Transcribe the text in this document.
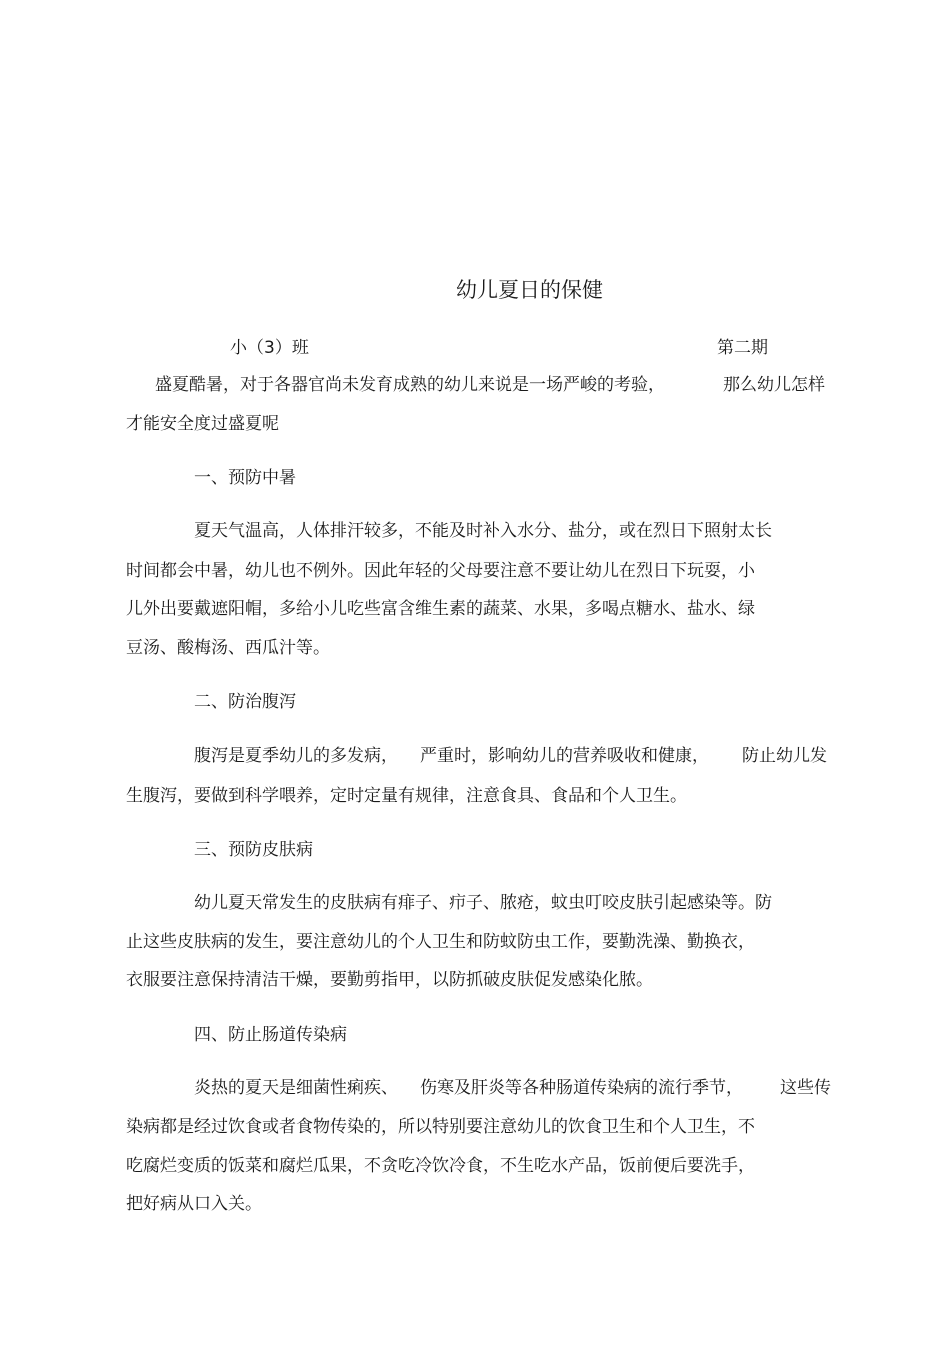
幼儿夏日的保健
小（3）班	第二期
盛夏酷暑，对于各器官尚未发育成熟的幼儿来说是一场严峻的考验，	那么幼儿怎样
才能安全度过盛夏呢
一、预防中暑
夏天气温高，人体排汗较多，不能及时补入水分、盐分，或在烈日下照射太长
时间都会中暑，幼儿也不例外。因此年轻的父母要注意不要让幼儿在烈日下玩耍，小
儿外出要戴遮阳帽，多给小儿吃些富含维生素的蔬菜、水果，多喝点糖水、盐水、绿
豆汤、酸梅汤、西瓜汁等。
二、防治腹泻
腹泻是夏季幼儿的多发病， 严重时，影响幼儿的营养吸收和健康， 防止幼儿发
生腹泻，要做到科学喂养，定时定量有规律，注意食具、食品和个人卫生。
三、预防皮肤病
幼儿夏天常发生的皮肤病有痱子、疖子、脓疮，蚊虫叮咬皮肤引起感染等。防
止这些皮肤病的发生，要注意幼儿的个人卫生和防蚊防虫工作，要勤洗澡、勤换衣，
衣服要注意保持清洁干燥，要勤剪指甲，以防抓破皮肤促发感染化脓。
四、防止肠道传染病
炎热的夏天是细菌性痢疾、 伤寒及肝炎等各种肠道传染病的流行季节， 这些传
染病都是经过饮食或者食物传染的，所以特别要注意幼儿的饮食卫生和个人卫生，不
吃腐烂变质的饭菜和腐烂瓜果，不贪吃冷饮冷食，不生吃水产品，饭前便后要洗手，
把好病从口入关。
